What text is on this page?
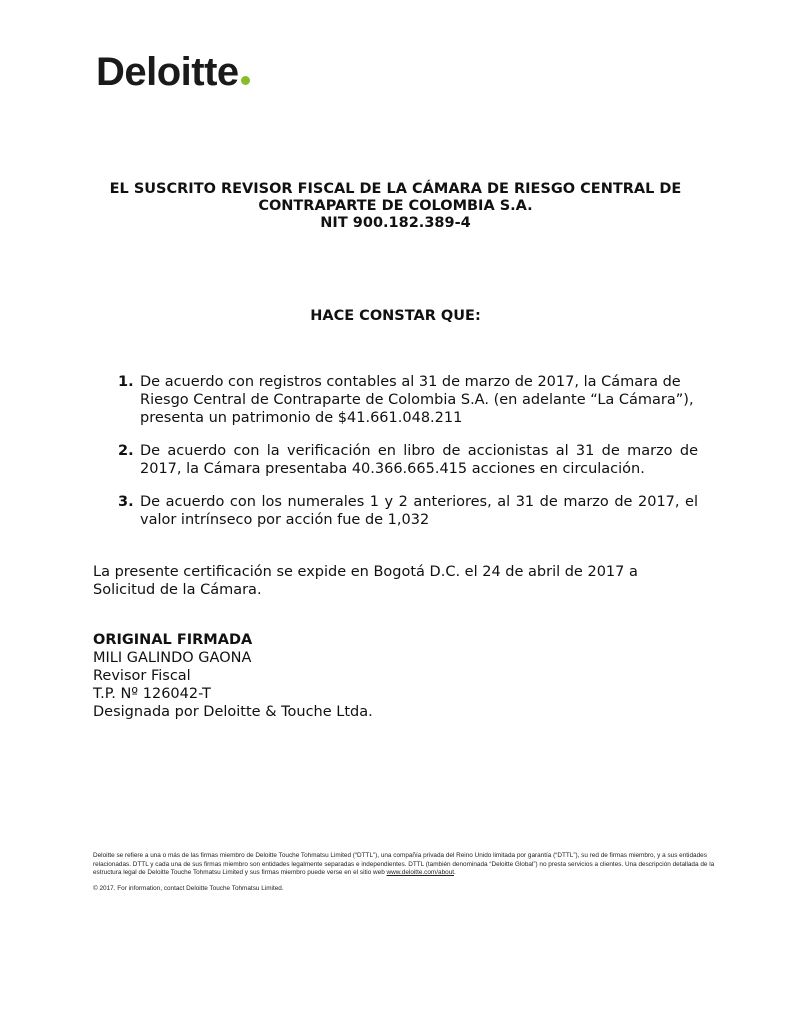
Deloitte
EL SUSCRITO REVISOR FISCAL DE LA CÁMARA DE RIESGO CENTRAL DE
CONTRAPARTE DE COLOMBIA S.A.
NIT 900.182.389-4
HACE CONSTAR QUE:
1. De acuerdo con registros contables al 31 de marzo de 2017, la Cámara de Riesgo Central de Contraparte de Colombia S.A. (en adelante “La Cámara”), presenta un patrimonio de $41.661.048.211
2. De acuerdo con la verificación en libro de accionistas al 31 de marzo de 2017, la Cámara presentaba 40.366.665.415 acciones en circulación.
3. De acuerdo con los numerales 1 y 2 anteriores, al 31 de marzo de 2017, el valor intrínseco por acción fue de 1,032
La presente certificación se expide en Bogotá D.C. el 24 de abril de 2017 a Solicitud de la Cámara.
ORIGINAL FIRMADA
MILI GALINDO GAONA
Revisor Fiscal
T.P. Nº 126042-T
Designada por Deloitte & Touche Ltda.
Deloitte se refiere a una o más de las firmas miembro de Deloitte Touche Tohmatsu Limited (“DTTL”), una compañía privada del Reino Unido limitada por garantía (“DTTL”), su red de firmas miembro, y a sus entidades relacionadas. DTTL y cada una de sus firmas miembro son entidades legalmente separadas e independientes. DTTL (también denominada “Deloitte Global”) no presta servicios a clientes. Una descripción detallada de la estructura legal de Deloitte Touche Tohmatsu Limited y sus firmas miembro puede verse en el sitio web www.deloitte.com/about.
© 2017. For information, contact Deloitte Touche Tohmatsu Limited.
